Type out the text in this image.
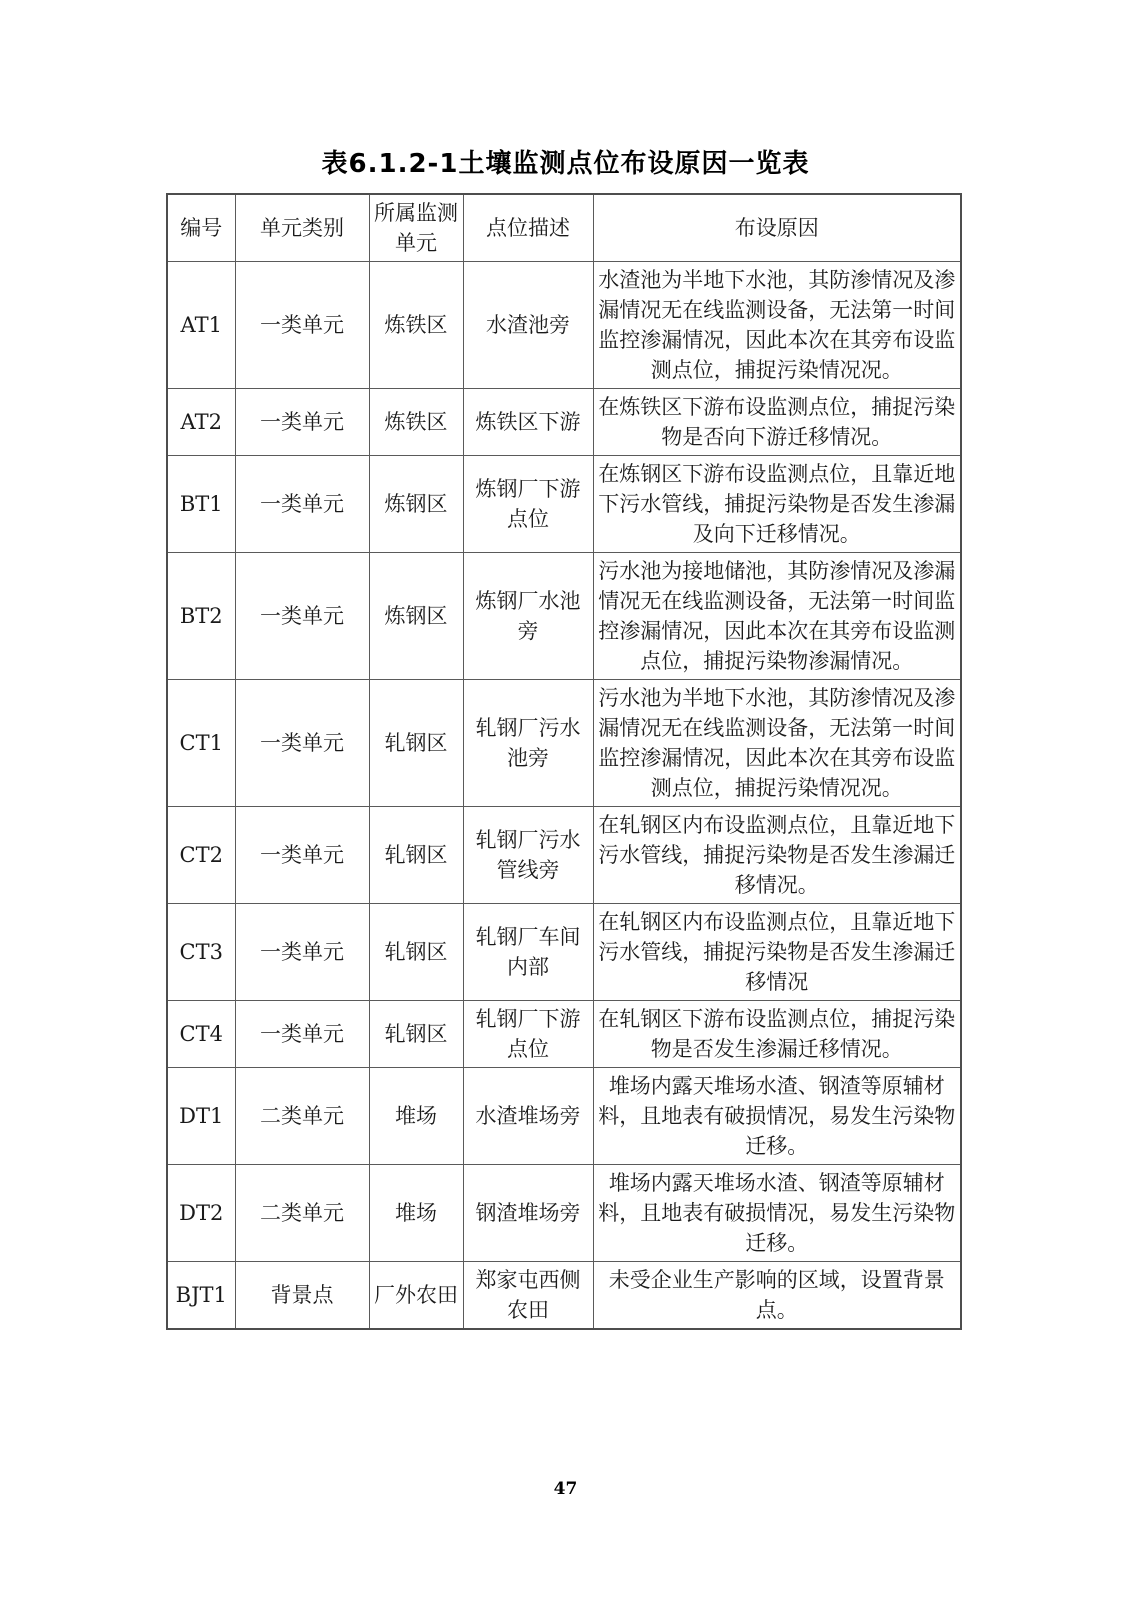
表6.1.2-1土壤监测点位布设原因一览表
编号	单元类别	所属监测单元	点位描述	布设原因
AT1	一类单元	炼铁区	水渣池旁	水渣池为半地下水池，其防渗情况及渗漏情况无在线监测设备，无法第一时间监控渗漏情况，因此本次在其旁布设监测点位，捕捉污染情况况。
AT2	一类单元	炼铁区	炼铁区下游	在炼铁区下游布设监测点位，捕捉污染物是否向下游迁移情况。
BT1	一类单元	炼钢区	炼钢厂下游点位	在炼钢区下游布设监测点位，且靠近地下污水管线，捕捉污染物是否发生渗漏及向下迁移情况。
BT2	一类单元	炼钢区	炼钢厂水池旁	污水池为接地储池，其防渗情况及渗漏情况无在线监测设备，无法第一时间监控渗漏情况，因此本次在其旁布设监测点位，捕捉污染物渗漏情况。
CT1	一类单元	轧钢区	轧钢厂污水池旁	污水池为半地下水池，其防渗情况及渗漏情况无在线监测设备，无法第一时间监控渗漏情况，因此本次在其旁布设监测点位，捕捉污染情况况。
CT2	一类单元	轧钢区	轧钢厂污水管线旁	在轧钢区内布设监测点位，且靠近地下污水管线，捕捉污染物是否发生渗漏迁移情况。
CT3	一类单元	轧钢区	轧钢厂车间内部	在轧钢区内布设监测点位，且靠近地下污水管线，捕捉污染物是否发生渗漏迁移情况
CT4	一类单元	轧钢区	轧钢厂下游点位	在轧钢区下游布设监测点位，捕捉污染物是否发生渗漏迁移情况。
DT1	二类单元	堆场	水渣堆场旁	堆场内露天堆场水渣、钢渣等原辅材料，且地表有破损情况，易发生污染物迁移。
DT2	二类单元	堆场	钢渣堆场旁	堆场内露天堆场水渣、钢渣等原辅材料，且地表有破损情况，易发生污染物迁移。
BJT1	背景点	厂外农田	郑家屯西侧农田	未受企业生产影响的区域，设置背景点。
47
